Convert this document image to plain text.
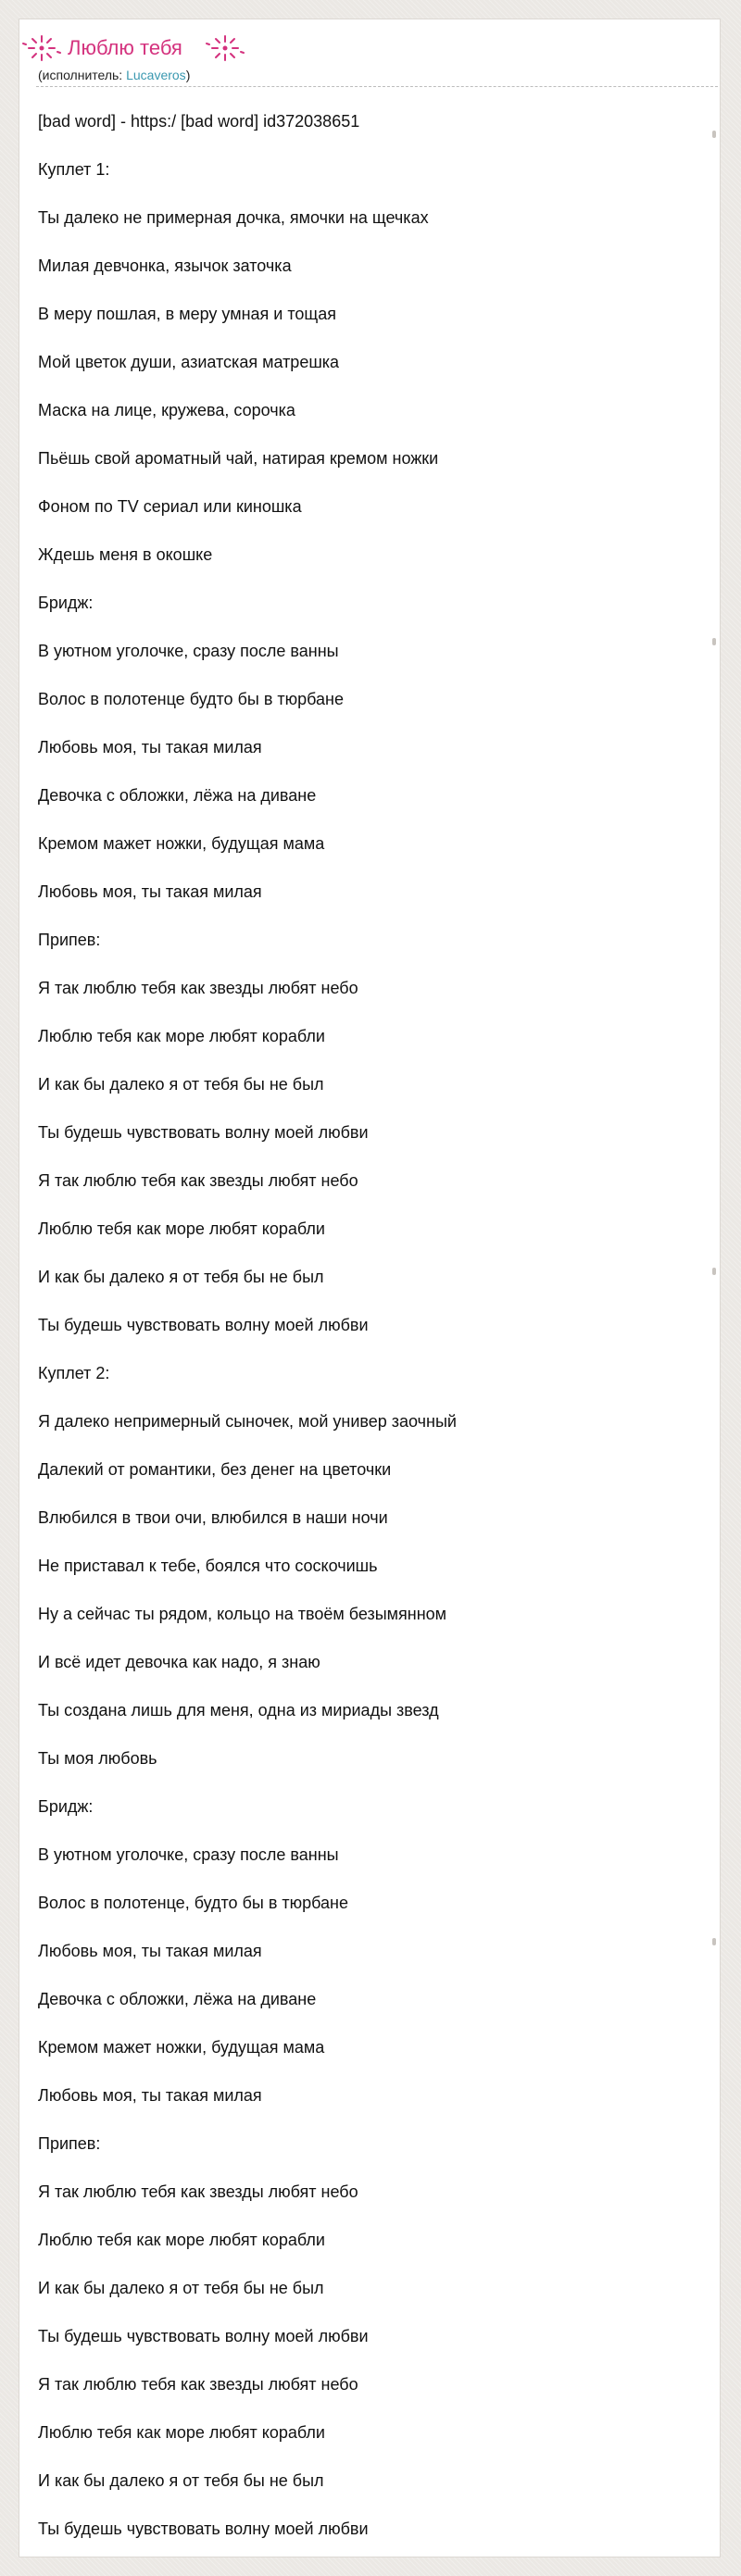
Люблю тебя
(исполнитель: Lucaveros)
[bad word] - https:/ [bad word] id372038651
Куплет 1:
Ты далеко не примерная дочка, ямочки на щечках
Милая девчонка, язычок заточка
В меру пошлая, в меру умная и тощая
Мой цветок души, азиатская матрешка
Маска на лице, кружева, сорочка
Пьёшь свой ароматный чай, натирая кремом ножки
Фоном по TV сериал или киношка
Ждешь меня в окошке
Бридж:
В уютном уголочке, сразу после ванны
Волос в полотенце будто бы в тюрбане
Любовь моя, ты такая милая
Девочка с обложки, лёжа на диване
Кремом мажет ножки, будущая мама
Любовь моя, ты такая милая
Припев:
Я так люблю тебя как звезды любят небо
Люблю тебя как море любят корабли
И как бы далеко я от тебя бы не был
Ты будешь чувствовать волну моей любви
Я так люблю тебя как звезды любят небо
Люблю тебя как море любят корабли
И как бы далеко я от тебя бы не был
Ты будешь чувствовать волну моей любви
Куплет 2:
Я далеко непримерный сыночек, мой универ заочный
Далекий от романтики, без денег на цветочки
Влюбился в твои очи, влюбился в наши ночи
Не приставал к тебе, боялся что соскочишь
Ну а сейчас ты рядом, кольцо на твоём безымянном
И всё идет девочка как надо, я знаю
Ты создана лишь для меня, одна из мириады звезд
Ты моя любовь
Бридж:
В уютном уголочке, сразу после ванны
Волос в полотенце, будто бы в тюрбане
Любовь моя, ты такая милая
Девочка с обложки, лёжа на диване
Кремом мажет ножки, будущая мама
Любовь моя, ты такая милая
Припев:
Я так люблю тебя как звезды любят небо
Люблю тебя как море любят корабли
И как бы далеко я от тебя бы не был
Ты будешь чувствовать волну моей любви
Я так люблю тебя как звезды любят небо
Люблю тебя как море любят корабли
И как бы далеко я от тебя бы не был
Ты будешь чувствовать волну моей любви
